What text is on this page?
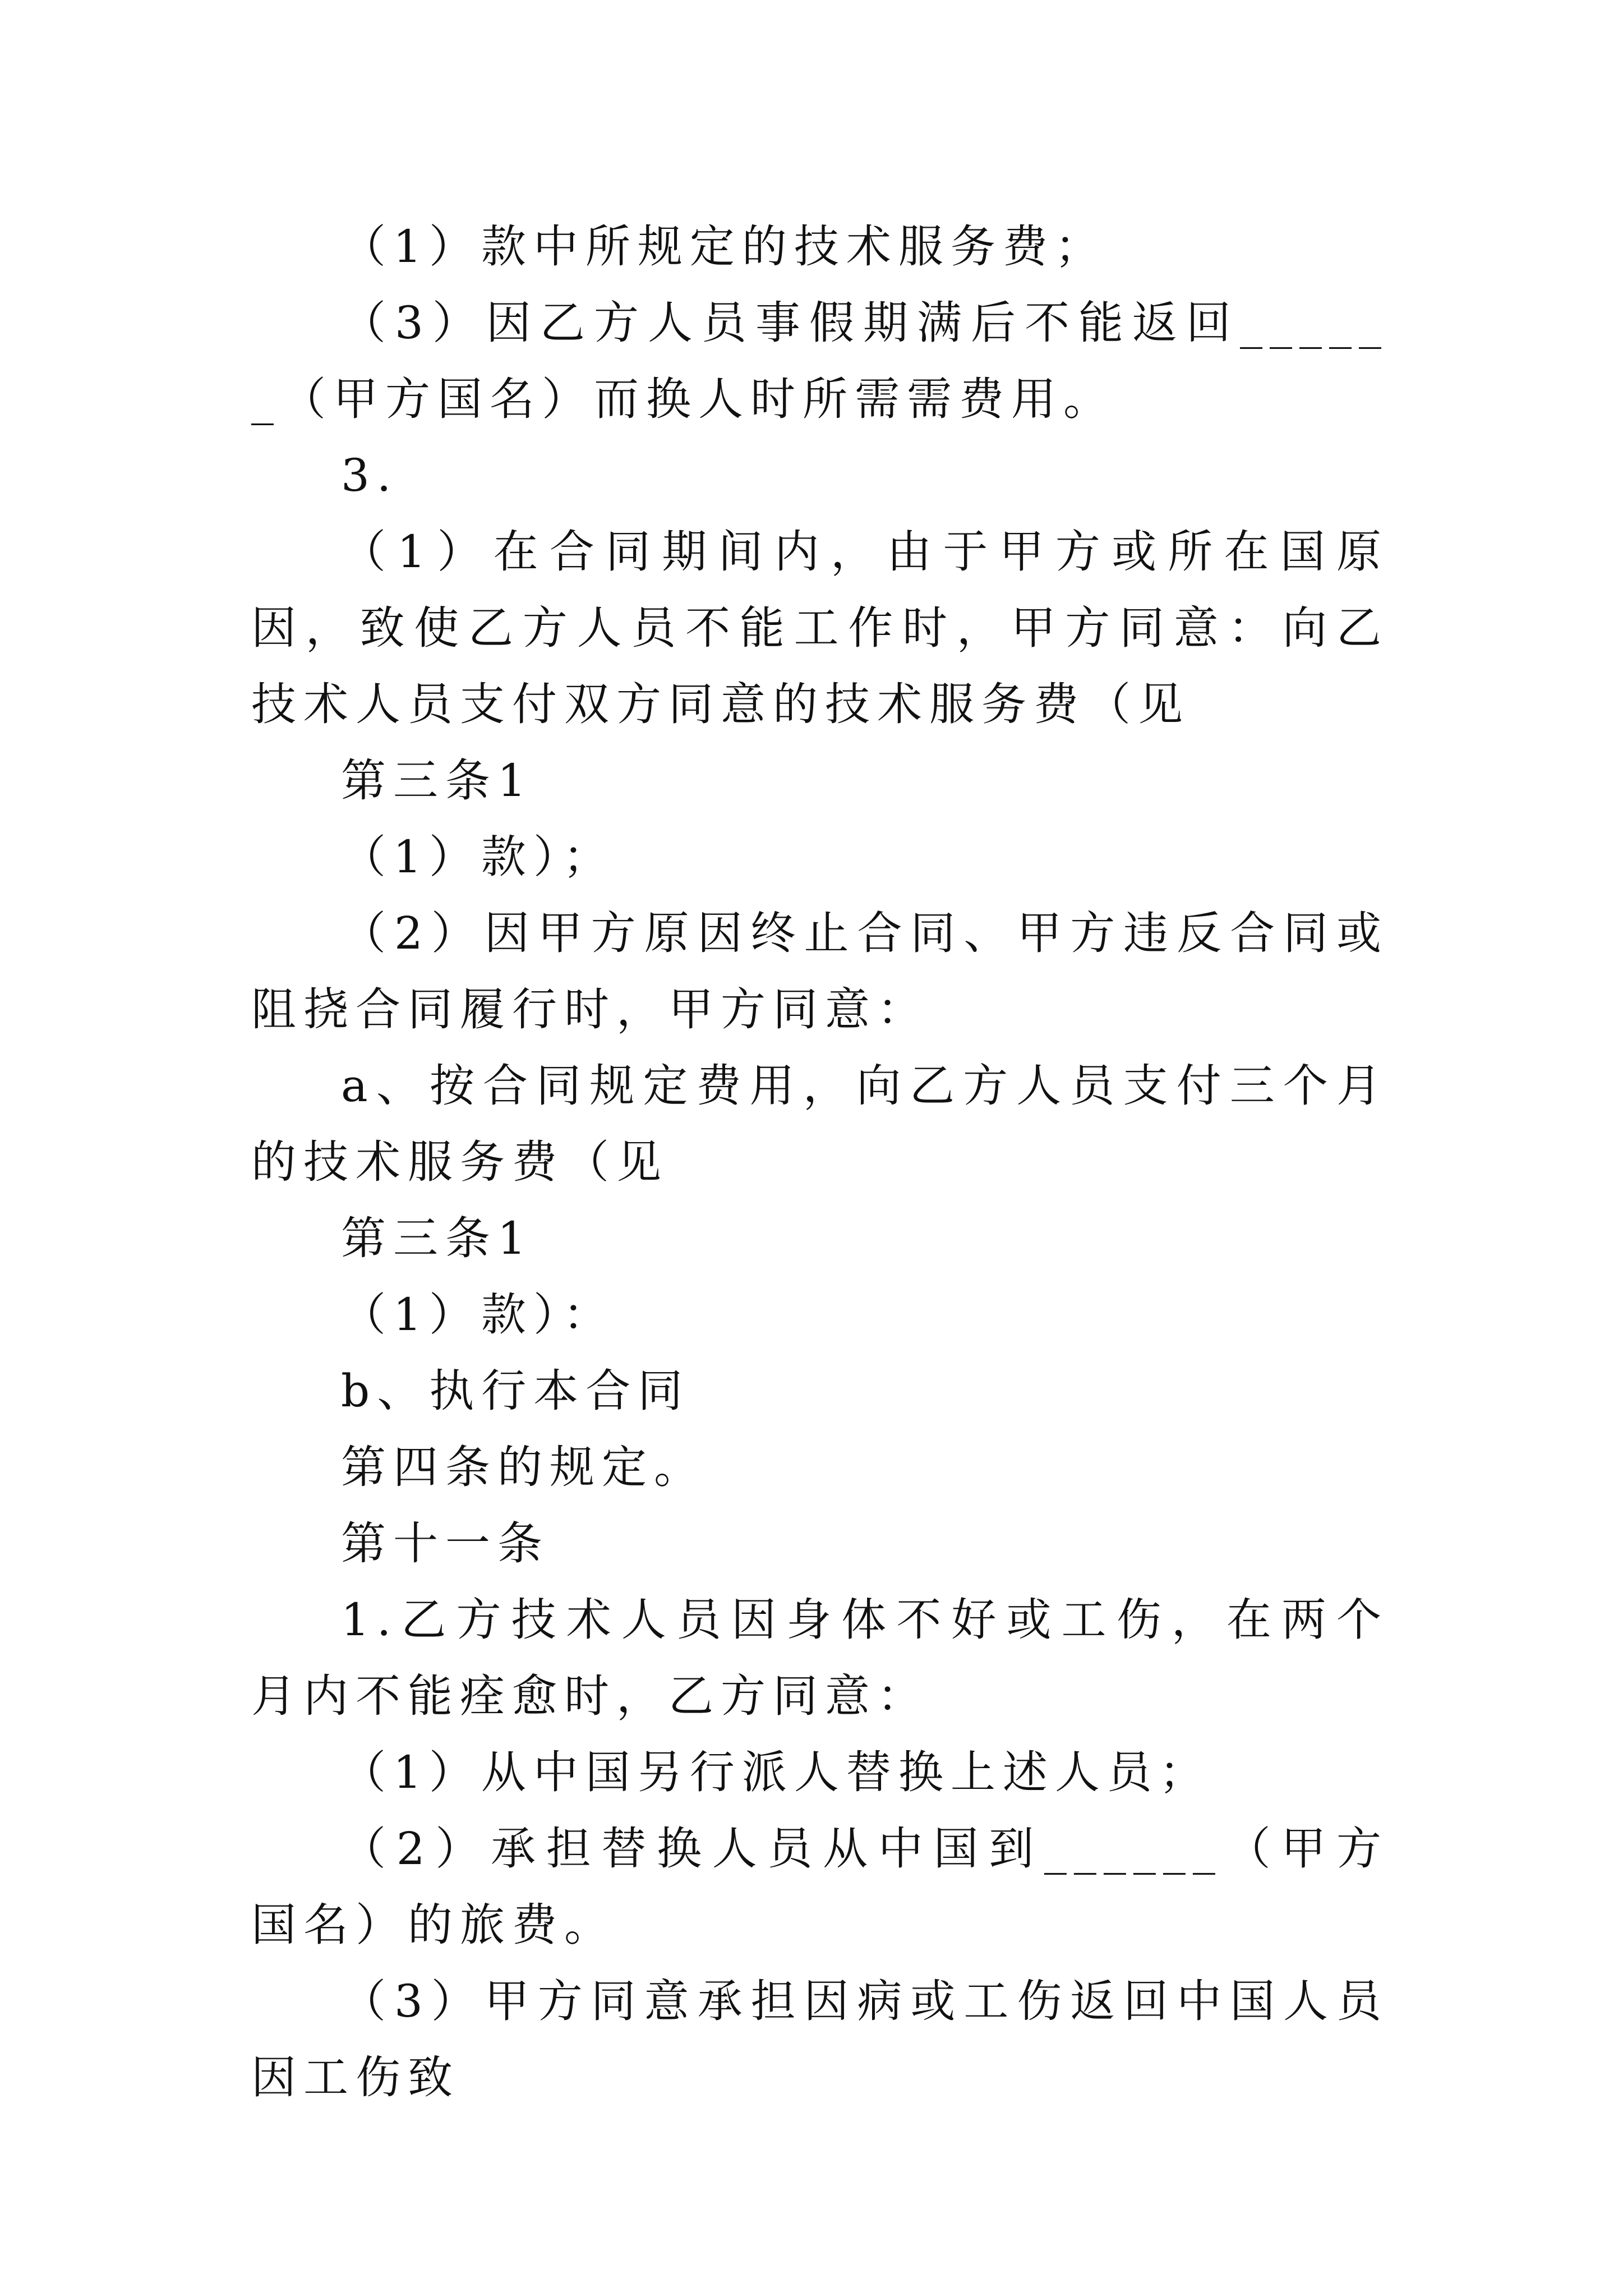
（1）款中所规定的技术服务费；

（3）因乙方人员事假期满后不能返回______（甲方国名）而换人时所需需费用。

3.

（1）在合同期间内，由于甲方或所在国原因，致使乙方人员不能工作时，甲方同意：向乙技术人员支付双方同意的技术服务费（见

第三条1

（1）款）；

（2）因甲方原因终止合同、甲方违反合同或阻挠合同履行时，甲方同意：

a、按合同规定费用，向乙方人员支付三个月的技术服务费（见

第三条1

（1）款）：

b、执行本合同

第四条的规定。

第十一条

1.乙方技术人员因身体不好或工伤，在两个月内不能痊愈时，乙方同意：

（1）从中国另行派人替换上述人员；

（2）承担替换人员从中国到______（甲方国名）的旅费。

（3）甲方同意承担因病或工伤返回中国人员因工伤致
